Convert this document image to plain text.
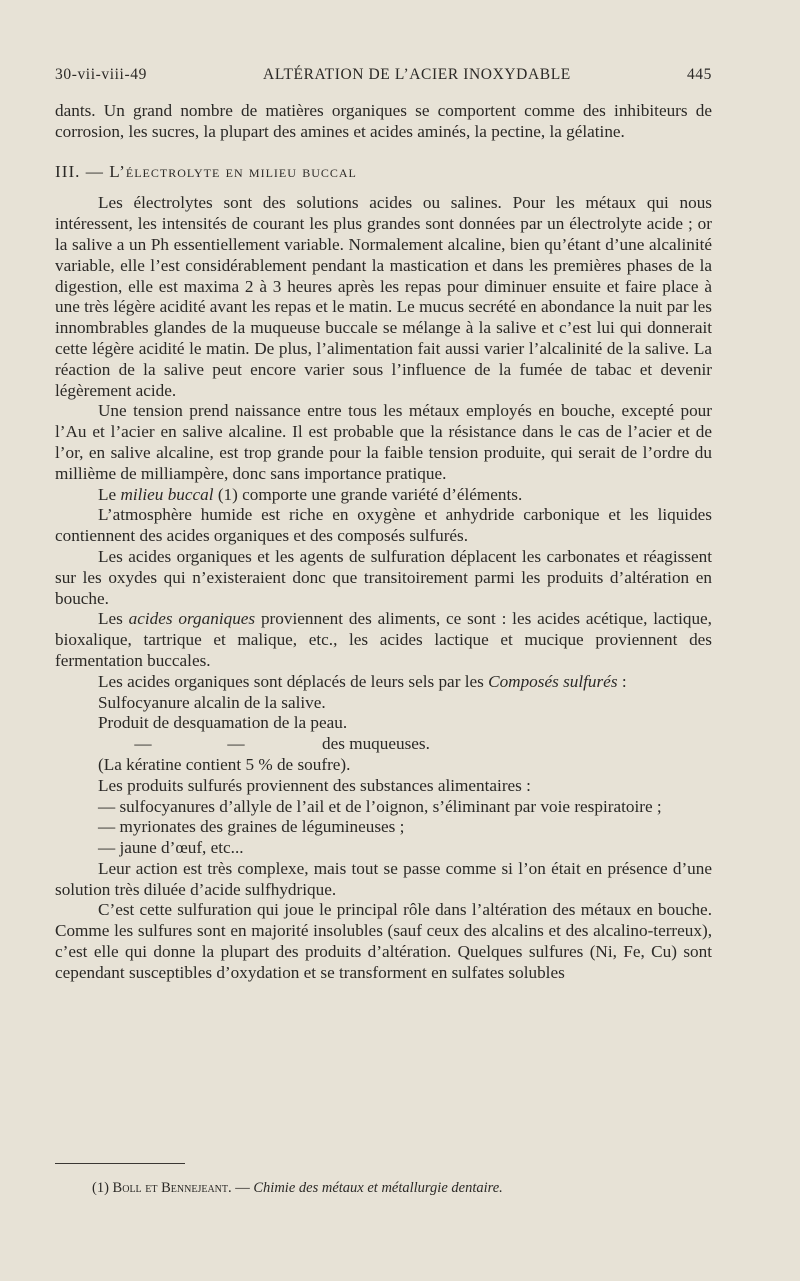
30-vii-viii-49	ALTÉRATION DE L’ACIER INOXYDABLE	445

dants. Un grand nombre de matières organiques se comportent comme des inhibiteurs de corrosion, les sucres, la plupart des amines et acides aminés, la pectine, la gélatine.

III. — L’électrolyte en milieu buccal

Les électrolytes sont des solutions acides ou salines. Pour les métaux qui nous intéressent, les intensités de courant les plus grandes sont données par un électrolyte acide ; or la salive a un Ph essentiellement variable. Normalement alcaline, bien qu’étant d’une alcalinité variable, elle l’est considérablement pendant la mastication et dans les premières phases de la digestion, elle est maxima 2 à 3 heures après les repas pour diminuer ensuite et faire place à une très légère acidité avant les repas et le matin. Le mucus secrété en abondance la nuit par les innombrables glandes de la muqueuse buccale se mélange à la salive et c’est lui qui donnerait cette légère acidité le matin. De plus, l’alimentation fait aussi varier l’alcalinité de la salive. La réaction de la salive peut encore varier sous l’influence de la fumée de tabac et devenir légèrement acide.

Une tension prend naissance entre tous les métaux employés en bouche, excepté pour l’Au et l’acier en salive alcaline. Il est probable que la résistance dans le cas de l’acier et de l’or, en salive alcaline, est trop grande pour la faible tension produite, qui serait de l’ordre du millième de milliampère, donc sans importance pratique.

Le milieu buccal (1) comporte une grande variété d’éléments.

L’atmosphère humide est riche en oxygène et anhydride carbonique et les liquides contiennent des acides organiques et des composés sulfurés.

Les acides organiques et les agents de sulfuration déplacent les carbonates et réagissent sur les oxydes qui n’existeraient donc que transitoirement parmi les produits d’altération en bouche.

Les acides organiques proviennent des aliments, ce sont : les acides acétique, lactique, bioxalique, tartrique et malique, etc., les acides lactique et mucique proviennent des fermentation buccales.

Les acides organiques sont déplacés de leurs sels par les Composés sulfurés :

Sulfocyanure alcalin de la salive.

Produit de desquamation de la peau.

—	—	des muqueuses.

(La kératine contient 5 % de soufre).

Les produits sulfurés proviennent des substances alimentaires :

— sulfocyanures d’allyle de l’ail et de l’oignon, s’éliminant par voie respiratoire ;

— myrionates des graines de légumineuses ;

— jaune d’œuf, etc...

Leur action est très complexe, mais tout se passe comme si l’on était en présence d’une solution très diluée d’acide sulfhydrique.

C’est cette sulfuration qui joue le principal rôle dans l’altération des métaux en bouche. Comme les sulfures sont en majorité insolubles (sauf ceux des alcalins et des alcalino-terreux), c’est elle qui donne la plupart des produits d’altération. Quelques sulfures (Ni, Fe, Cu) sont cependant susceptibles d’oxydation et se transforment en sulfates solubles

(1) Boll et Bennejeant. — Chimie des métaux et métallurgie dentaire.
